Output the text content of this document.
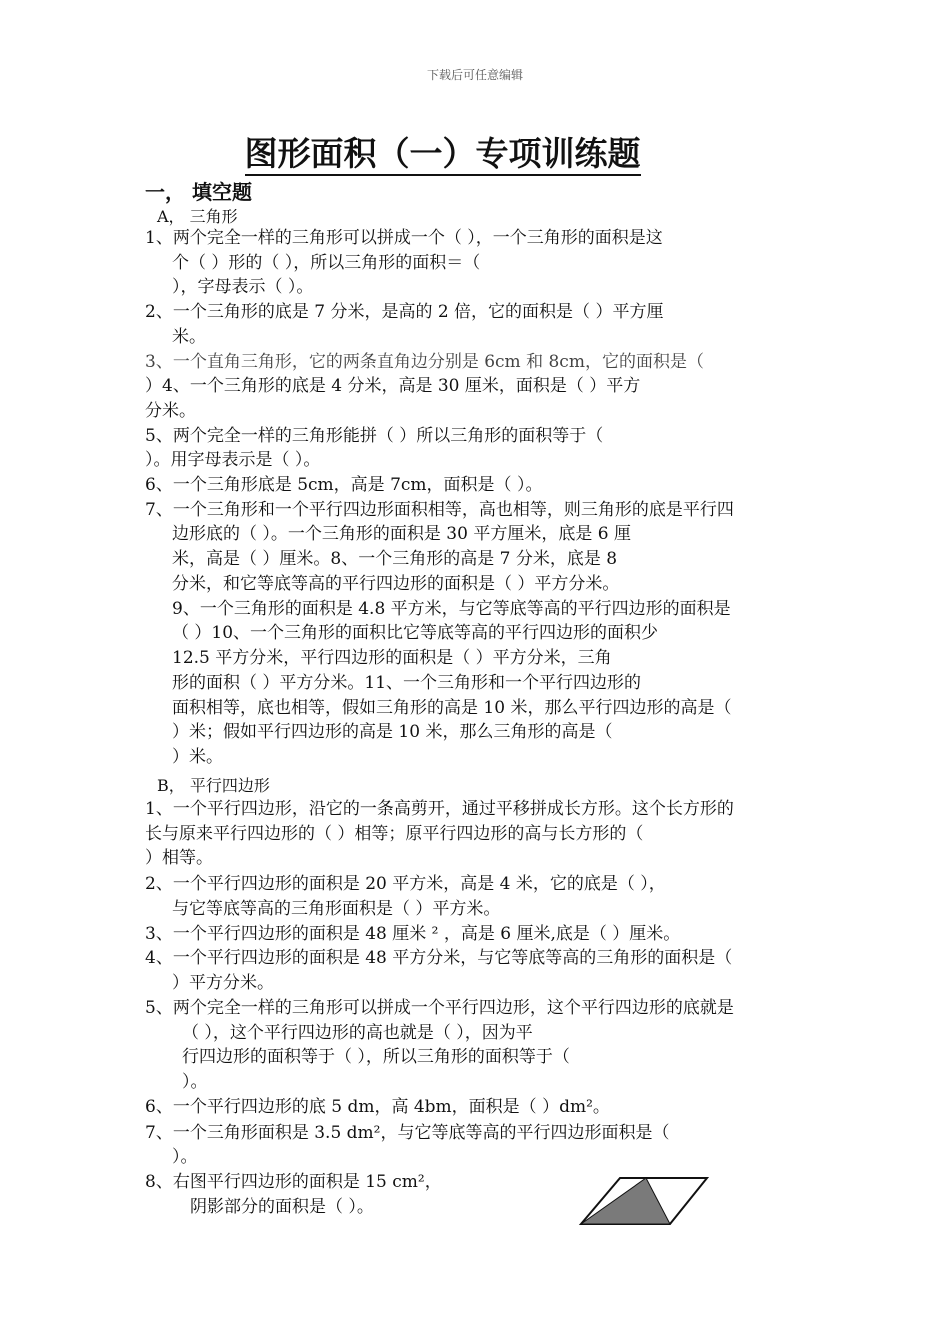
下载后可任意编辑
图形面积（一）专项训练题
一， 填空题
A， 三角形
1、两个完全一样的三角形可以拼成一个（ ），一个三角形的面积是这
个（ ）形的（ ），所以三角形的面积＝（
），字母表示（ ）。
2、一个三角形的底是 7 分米，是高的 2 倍，它的面积是（ ）平方厘
米。
3、一个直角三角形，它的两条直角边分别是 6cm 和 8cm，它的面积是（
）4、一个三角形的底是 4 分米，高是 30 厘米，面积是（ ）平方
分米。
5、两个完全一样的三角形能拼（ ）所以三角形的面积等于（
）。用字母表示是（ ）。
6、一个三角形底是 5cm，高是 7cm，面积是（ ）。
7、一个三角形和一个平行四边形面积相等，高也相等，则三角形的底是平行四
边形底的（ ）。一个三角形的面积是 30 平方厘米，底是 6 厘
米，高是（ ）厘米。8、一个三角形的高是 7 分米，底是 8
分米，和它等底等高的平行四边形的面积是（ ）平方分米。
9、一个三角形的面积是 4.8 平方米，与它等底等高的平行四边形的面积是
（ ）10、一个三角形的面积比它等底等高的平行四边形的面积少
12.5 平方分米，平行四边形的面积是（ ）平方分米，三角
形的面积（ ）平方分米。11、一个三角形和一个平行四边形的
面积相等，底也相等，假如三角形的高是 10 米，那么平行四边形的高是（
）米；假如平行四边形的高是 10 米，那么三角形的高是（
）米。
B， 平行四边形
1、一个平行四边形，沿它的一条高剪开，通过平移拼成长方形。这个长方形的
长与原来平行四边形的（ ）相等；原平行四边形的高与长方形的（
）相等。
2、一个平行四边形的面积是 20 平方米，高是 4 米，它的底是（ ），
与它等底等高的三角形面积是（ ）平方米。
3、一个平行四边形的面积是 48 厘米 ² ，高是 6 厘米,底是（ ）厘米。
4、一个平行四边形的面积是 48 平方分米，与它等底等高的三角形的面积是（
）平方分米。
5、两个完全一样的三角形可以拼成一个平行四边形，这个平行四边形的底就是
（ ），这个平行四边形的高也就是（ ），因为平
行四边形的面积等于（ ），所以三角形的面积等于（
）。
6、一个平行四边形的底 5 dm，高 4bm，面积是（ ）dm²。
7、一个三角形面积是 3.5 dm²，与它等底等高的平行四边形面积是（
）。
8、右图平行四边形的面积是 15 cm²，
阴影部分的面积是（ ）。
